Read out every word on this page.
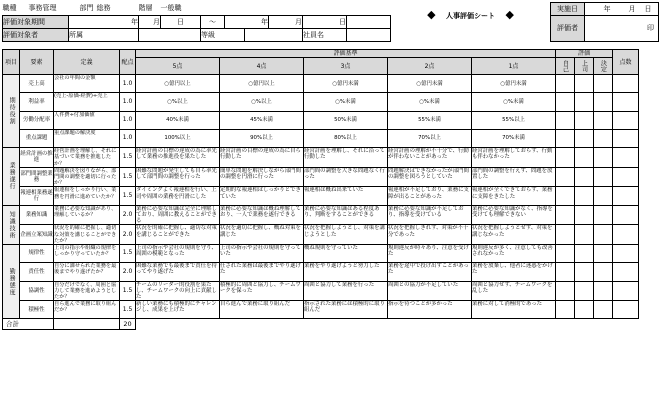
職種	事務管理	部門	総務	階層	一般職							◆ 人事評価シート ◆	実施日	年 月 日
評価対象期間		年		月	日	〜	年		月	日			評価者	印
評価対象者		所属				等級				社員名				
項目	要素	定義	配点	評価基準					評価			点数
				5点	4点	3点	2点	1点	自己	上司	決定	
期待役割	売上高	会社の年間の金額	1.0	○億円以上	○億円以上	○億円未満	○億円未満	○億円未満				
	利益率	(売上-原価-経費)÷売上	1.0	○%以上	○%以上	○%未満	○%未満	○%未満				
	労働分配率	人件費÷付加価値	1.0	40%未満	45%未満	50%未満	55%未満	55%以上				
	重点課題	重点課題の解決度	1.0	100%以上	90%以上	80%以上	70%以上	70%未満				
業務遂行	経営計画の推進	経営計画を理解し、それに基づいて業務を推進したか？	1.5	経営計画の目標の達成の為に率先して業務の推進役を果たした	経営計画の目標の達成の為に自ら行動した	経営計画を理解し、それに沿って行動した	経営計画の理解が不十分で、行動が伴わないことがあった	経営計画を理解しておらず、行動も伴わなかった				
	部門間調整業務	問題解決を図りながら、部門間の調整を適切に行ったか？	1.5	困難な問題が発生しても自ら率先して部門間の調整を行った	簡単な問題を解決しながら部門間の調整を円滑に行った	部門間の調整を大きな問題なく行った	問題解決はできなかったが部門間の調整を図ろうとしていた	部門間の調整を行えず、問題を放置した				
	報連相業務遂行	報連相をしっかり行い、業務を円滑に進めていたか？	1.5	タイミングよく報連相を行い、上司や周囲の業務を円滑にした	定期的な報連相はしっかりとできていた	報連相は概ね出来ていた	報連相が不足しており、業務に支障が出ることがあった	報連相が全くできておらず、業務に支障をきたした				
知識技術	業務知識	業務に必要な知識があり、理解しているか？	2.0	業務に必要な知識は完全に理解しており、周囲に教えることができる	業務に必要な知識は概ね理解しており、一人で業務を遂行できる	業務に必要な知識はある程度あり、判断をすることができる	業務に必要な知識が不足しており、指導を受けている	業務に必要な知識がなく、指導を受けても理解できない				
	企画立案知識	状況を的確に把握し、適切な対策を講じることができたか？	2.0	状況を的確に把握し、適切な対策を講じることができた	状況を適切に把握し、概ね対策を講じた	状況を把握しようとし、対策を講じようとした	状況を把握しきれず、対策が不十分であった	状況を把握しようとせず、対策を講じなかった				
勤務態度	規律性	上司の指示や組織の規律をしっかり守っていたか？	1.5	上司の指示や会社の規則を守り、周囲の模範となった	上司の指示や会社の規則を守っていた	概ね規則を守っていた	規則違反が時々あり、注意を受けた	規則違反が多く、注意しても改善されなかった				
	責任性	自分に課せられた業務を最後までやり遂げたか？	2.0	困難な業務でも最後まで責任を持ってやり遂げた	任された業務は最後までやり遂げた	業務をやり遂げようと努力した	業務を途中で投げ出すことがあった	業務を放棄し、他者に迷惑をかけた				
	協調性	自分だけでなく、周囲と協力して業務を進めようとしたか？	1.5	チームのリーダー的役割を果たし、チームワークの向上に貢献した	積極的に周囲と協力し、チームワークを保った	周囲と協力して業務を行った	周囲との協力が不足していた	周囲と協力せず、チームワークを乱した				
	積極性	自ら進んで業務に取り組んだか？	1.5	新しい業務にも積極的にチャレンジし、成果を上げた	自ら進んで業務に取り組んだ	指示された業務には積極的に取り組んだ	指示を待つことが多かった	業務に対して消極的であった				
合計			20									
